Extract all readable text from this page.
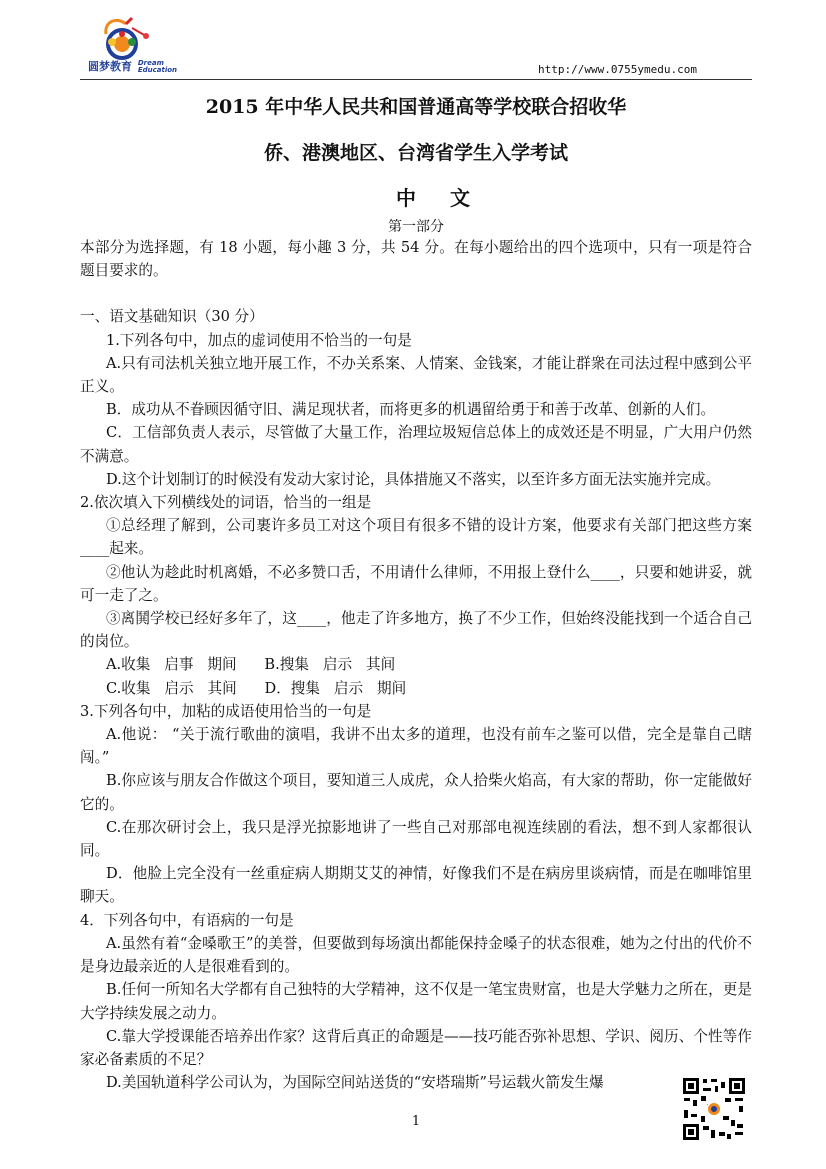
圆梦教育 Dream
Education	http://www.0755ymedu.com
2015 年中华人民共和国普通高等学校联合招收华
侨、港澳地区、台湾省学生入学考试
中文
第一部分

本部分为选择题，有 18 小题，每小趣 3 分，共 54 分。在每小题给出的四个选项中，只有一项是符合题目要求的。

一、语文基础知识（30 分）

1.下列各句中，加点的虚词使用不恰当的一句是

A.只有司法机关独立地开展工作，不办关系案、人情案、金钱案，才能让群衆在司法过程中感到公平正义。

B．成功从不眷顾因循守旧、满足现状者，而将更多的机遇留给勇于和善于改革、创新的人们。

C．工信部负责人表示，尽管做了大量工作，治理垃圾短信总体上的成效还是不明显，广大用户仍然不满意。

D.这个计划制订的时候没有发动大家讨论，具体措施又不落实，以至许多方面无法实施并完成。

2.依次填入下列横线处的词语，恰当的一组是

①总经理了解到，公司裹许多员工对这个项目有很多不错的设计方案，他要求有关部门把这些方案____起来。

②他认为趁此时机离婚，不必多赞口舌，不用请什么律师，不用报上登什么____，只要和她讲妥，就可一走了之。

③离鬨学校已经好多年了，这____，他走了许多地方，换了不少工作，但始终没能找到一个适合自己的岗位。

A.收集   启事   期间      B.搜集   启示   其间

C.收集   启示   其间      D．搜集   启示   期间

3.下列各句中，加粘的成语使用恰当的一句是

A.他说： “关于流行歌曲的演唱，我讲不出太多的道理，也没有前车之鉴可以借，完全是靠自己瞎闯。”

B.你应该与朋友合作做这个项目，要知道三人成虎，众人拾柴火焰高，有大家的帮助，你一定能做好它的。

C.在那次研讨会上，我只是浮光掠影地讲了一些自己对那部电视连续剧的看法，想不到人家都很认同。

D．他脸上完全没有一丝重症病人期期艾艾的神情，好像我们不是在病房里谈病情，而是在咖啡馆里聊天。

4．下列各句中，有语病的一句是

A.虽然有着“金嗓歌王”的美誉，但要做到每场演出都能保持金嗓子的状态很难，她为之付出的代价不是身边最亲近的人是很难看到的。

B.任何一所知名大学都有自己独特的大学精神，这不仅是一笔宝贵财富，也是大学魅力之所在，更是大学持续发展之动力。

C.靠大学授课能否培养出作家？这背后真正的命题是——技巧能否弥补思想、学识、阅历、个性等作家必备素质的不足？

D.美国轨道科学公司认为，为国际空间站送货的“安塔瑞斯”号运载火箭发生爆

1
